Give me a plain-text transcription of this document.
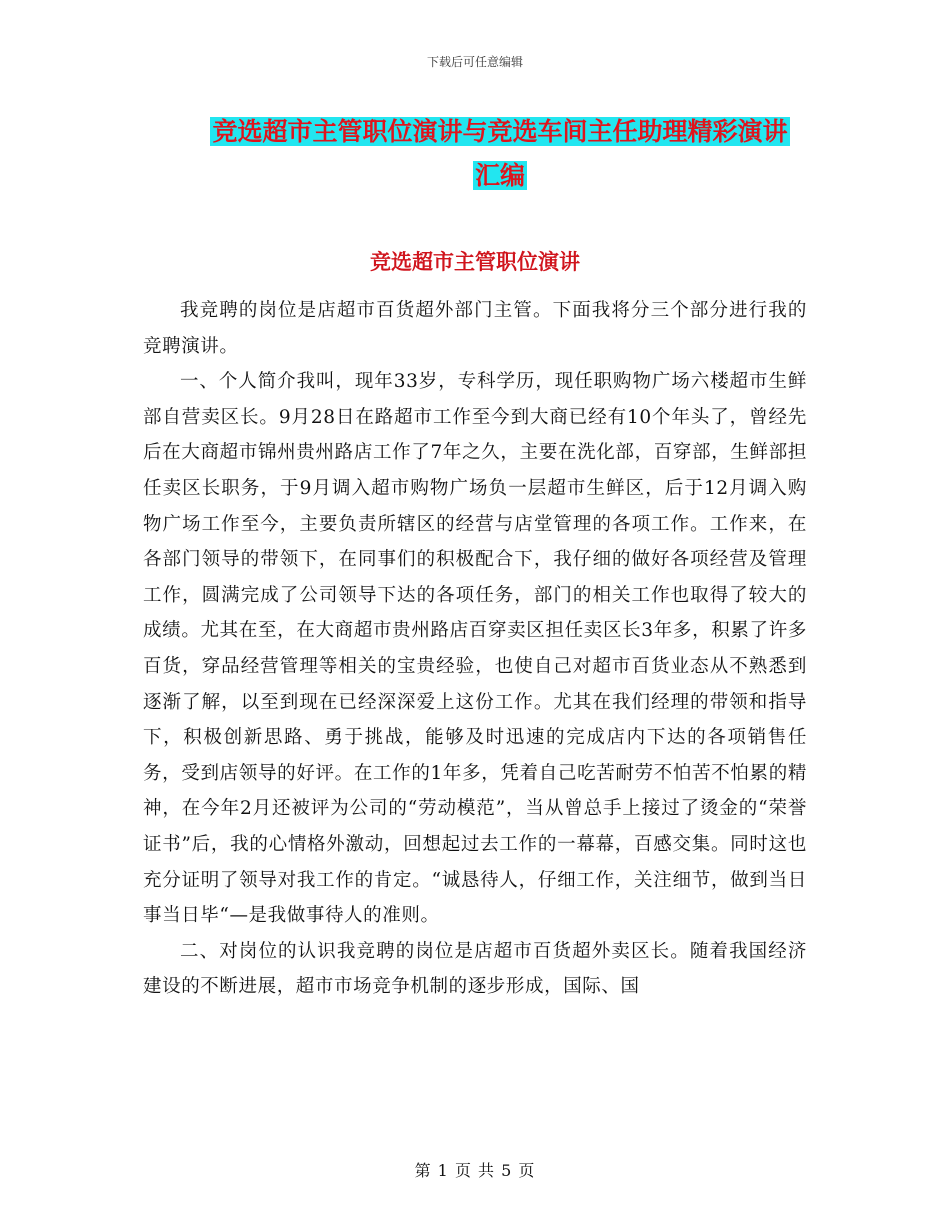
下载后可任意编辑
竞选超市主管职位演讲与竞选车间主任助理精彩演讲
汇编
竞选超市主管职位演讲

我竞聘的岗位是店超市百货超外部门主管。下面我将分三个部分进行我的竞聘演讲。

一、个人简介我叫，现年33岁，专科学历，现任职购物广场六楼超市生鲜部自营卖区长。9月28日在路超市工作至今到大商已经有10个年头了，曾经先后在大商超市锦州贵州路店工作了7年之久，主要在洗化部，百穿部，生鲜部担任卖区长职务，于9月调入超市购物广场负一层超市生鲜区，后于12月调入购物广场工作至今，主要负责所辖区的经营与店堂管理的各项工作。工作来，在各部门领导的带领下，在同事们的积极配合下，我仔细的做好各项经营及管理工作，圆满完成了公司领导下达的各项任务，部门的相关工作也取得了较大的成绩。尤其在至，在大商超市贵州路店百穿卖区担任卖区长3年多，积累了许多百货，穿品经营管理等相关的宝贵经验，也使自己对超市百货业态从不熟悉到逐渐了解，以至到现在已经深深爱上这份工作。尤其在我们经理的带领和指导下，积极创新思路、勇于挑战，能够及时迅速的完成店内下达的各项销售任务，受到店领导的好评。在工作的1年多，凭着自己吃苦耐劳不怕苦不怕累的精神，在今年2月还被评为公司的“劳动模范”，当从曾总手上接过了烫金的“荣誉证书”后，我的心情格外激动，回想起过去工作的一幕幕，百感交集。同时这也充分证明了领导对我工作的肯定。“诚恳待人，仔细工作，关注细节，做到当日事当日毕“—是我做事待人的准则。

二、对岗位的认识我竞聘的岗位是店超市百货超外卖区长。随着我国经济建设的不断进展，超市市场竞争机制的逐步形成，国际、国

第 1 页 共 5 页
